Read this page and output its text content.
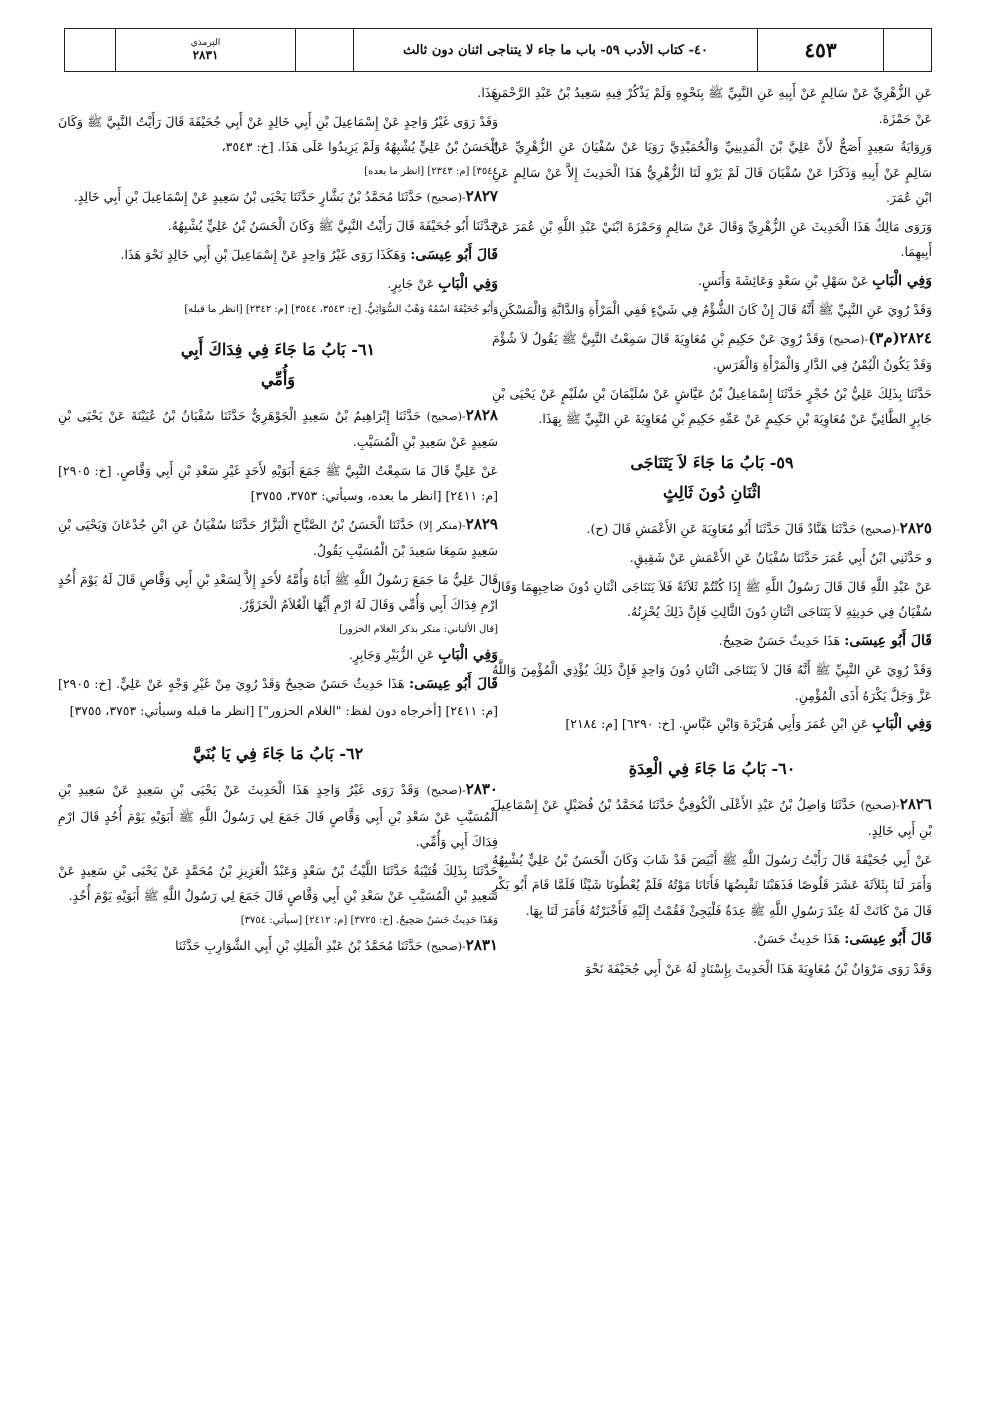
التِرمذي
٢٨٣١	٤٠- كتاب الأدب ٥٩- باب ما جاء لا يتناجى اثنان دون ثالث	٤٥٣

عَنِ الزُّهْرِيِّ عَنْ سَالِمٍ عَنْ أَبِيهِ عَنِ النَّبِيِّ ﷺ بِنَحْوِهِ وَلَمْ يَذْكُرْ فِيهِ سَعِيدُ بْنُ عَبْدِ الرَّحْمَنِ عَنْ حَمْزَةَ.

وَرِوَايَةُ سَعِيدٍ أَصَحُّ لأَنَّ عَلِيَّ بْنَ الْمَدِينِيِّ وَالْحُمَيْدِيَّ رَوَيَا عَنْ سُفْيَانَ عَنِ الزُّهْرِيِّ عَنْ سَالِمٍ عَنْ أَبِيهِ وَذَكَرَا عَنْ سُفْيَانَ قَالَ لَمْ يَرْوِ لَنَا الزُّهْرِيُّ هَذَا الْحَدِيثَ إِلاَّ عَنْ سَالِمٍ عَنِ ابْنِ عُمَرَ.

وَرَوَى مَالِكٌ هَذَا الْحَدِيثَ عَنِ الزُّهْرِيِّ وَقَالَ عَنْ سَالِمٍ وَحَمْزَةَ ابْنَيْ عَبْدِ اللَّهِ بْنِ عُمَرَ عَنْ أَبِيهِمَا.

وَفِي الْبَابِ عَنْ سَهْلِ بْنِ سَعْدٍ وَعَائِشَةَ وَأَنَسٍ.

وَقَدْ رُوِيَ عَنِ النَّبِيِّ ﷺ أَنَّهُ قَالَ إِنْ كَانَ الشُّؤْمُ فِي شَيْءٍ فَفِي الْمَرْأَةِ وَالدَّابَّةِ وَالْمَسْكَنِ.

٢٨٢٤(م٣)-(صحيح) وَقَدْ رُوِيَ عَنْ حَكِيمِ بْنِ مُعَاوِيَةَ قَالَ سَمِعْتُ النَّبِيَّ ﷺ يَقُولُ لاَ شُؤْمَ وَقَدْ يَكُونُ الْيُمْنُ فِي الدَّارِ وَالْمَرْأَةِ وَالْفَرَسِ.

حَدَّثَنَا بِذَلِكَ عَلِيُّ بْنُ حُجْرٍ حَدَّثَنَا إِسْمَاعِيلُ بْنُ عَيَّاشٍ عَنْ سُلَيْمَانَ بْنِ سُلَيْمٍ عَنْ يَحْيَى بْنِ جَابِرٍ الطَّائِيِّ عَنْ مُعَاوِيَةَ بْنِ حَكِيمٍ عَنْ عَمِّهِ حَكِيمِ بْنِ مُعَاوِيَةَ عَنِ النَّبِيِّ ﷺ بِهَذَا.

٥٩- بَابُ مَا جَاءَ لاَ يَتَنَاجَى
اثْنَانِ دُونَ ثَالِثٍ

٢٨٢٥-(صحيح) حَدَّثَنَا هَنَّادٌ قَالَ حَدَّثَنَا أَبُو مُعَاوِيَةَ عَنِ الأَعْمَشِ قَالَ (ح).

و حَدَّثَنِي ابْنُ أَبِي عُمَرَ حَدَّثَنَا سُفْيَانُ عَنِ الأَعْمَشِ عَنْ شَقِيقٍ.

عَنْ عَبْدِ اللَّهِ قَالَ قَالَ رَسُولُ اللَّهِ ﷺ إِذَا كُنْتُمْ ثَلاَثَةً فَلاَ يَتَنَاجَى اثْنَانِ دُونَ صَاحِبِهِمَا وَقَالَ سُفْيَانُ فِي حَدِيثِهِ لاَ يَتَنَاجَى اثْنَانِ دُونَ الثَّالِثِ فَإِنَّ ذَلِكَ يُحْزِنُهُ.

قَالَ أَبُو عِيسَى: هَذَا حَدِيثٌ حَسَنٌ صَحِيحٌ.

وَقَدْ رُوِيَ عَنِ النَّبِيِّ ﷺ أَنَّهُ قَالَ لاَ يَتَنَاجَى اثْنَانِ دُونَ وَاحِدٍ فَإِنَّ ذَلِكَ يُؤْذِي الْمُؤْمِنَ وَاللَّهُ عَزَّ وَجَلَّ يَكْرَهُ أَذَى الْمُؤْمِنِ.

وَفِي الْبَابِ عَنِ ابْنِ عُمَرَ وَأَبِي هُرَيْرَةَ وَابْنِ عَبَّاسٍ. [خ: ٦٢٩٠] [م: ٢١٨٤]

٦٠- بَابُ مَا جَاءَ فِي الْعِدَةِ

٢٨٢٦-(صحيح) حَدَّثَنَا وَاصِلُ بْنُ عَبْدِ الأَعْلَى الْكُوفِيُّ حَدَّثَنَا مُحَمَّدُ بْنُ فُضَيْلٍ عَنْ إِسْمَاعِيلَ بْنِ أَبِي خَالِدٍ.

عَنْ أَبِي جُحَيْفَةَ قَالَ رَأَيْتُ رَسُولَ اللَّهِ ﷺ أَبْيَضَ قَدْ شَابَ وَكَانَ الْحَسَنُ بْنُ عَلِيٍّ يُشْبِهُهُ وَأَمَرَ لَنَا بِثَلاَثَةَ عَشَرَ قَلُوصًا فَذَهَبْنَا نَقْبِضُهَا فَأَتَانَا مَوْتُهُ فَلَمْ يُعْطُونَا شَيْئًا فَلَمَّا قَامَ أَبُو بَكْرٍ قَالَ مَنْ كَانَتْ لَهُ عِنْدَ رَسُولِ اللَّهِ ﷺ عِدَةٌ فَلْيَجِئْ فَقُمْتُ إِلَيْهِ فَأَخْبَرْتُهُ فَأَمَرَ لَنَا بِهَا.

قَالَ أَبُو عِيسَى: هَذَا حَدِيثٌ حَسَنٌ.

وَقَدْ رَوَى مَرْوَانُ بْنُ مُعَاوِيَةَ هَذَا الْحَدِيثَ بِإِسْنَادٍ لَهُ عَنْ أَبِي جُحَيْفَةَ نَحْوَ

هَذَا.

وَقَدْ رَوَى غَيْرُ وَاحِدٍ عَنْ إِسْمَاعِيلَ بْنِ أَبِي خَالِدٍ عَنْ أَبِي جُحَيْفَةَ قَالَ رَأَيْتُ النَّبِيَّ ﷺ وَكَانَ الْحَسَنُ بْنُ عَلِيٍّ يُشْبِهُهُ وَلَمْ يَزِيدُوا عَلَى هَذَا. [خ: ٣٥٤٣،

٣٥٤٤] [م: ٢٣٤٣] [انظر ما بعده]

٢٨٢٧-(صحيح) حَدَّثَنَا مُحَمَّدُ بْنُ بَشَّارٍ حَدَّثَنَا يَحْيَى بْنُ سَعِيدٍ عَنْ إِسْمَاعِيلَ بْنِ أَبِي خَالِدٍ.

حَدَّثَنَا أَبُو جُحَيْفَةَ قَالَ رَأَيْتُ النَّبِيَّ ﷺ وَكَانَ الْحَسَنُ بْنُ عَلِيٍّ يُشْبِهُهُ.

قَالَ أَبُو عِيسَى: وَهَكَذَا رَوَى غَيْرُ وَاحِدٍ عَنْ إِسْمَاعِيلَ بْنِ أَبِي خَالِدٍ نَحْوَ هَذَا.

وَفِي الْبَابِ عَنْ جَابِرٍ.

وَأَبُو جُحَيْفَةَ اسْمُهُ وَهْبٌ السُّوَائِيُّ. [خ: ٣٥٤٣، ٣٥٤٤] [م: ٢٣٤٢] [انظر ما قبله]

٦١- بَابُ مَا جَاءَ فِي فِدَاكَ أَبِي
وَأُمِّي

٢٨٢٨-(صحيح) حَدَّثَنَا إِبْرَاهِيمُ بْنُ سَعِيدٍ الْجَوْهَرِيُّ حَدَّثَنَا سُفْيَانُ بْنُ عُيَيْنَةَ عَنْ يَحْيَى بْنِ سَعِيدٍ عَنْ سَعِيدِ بْنِ الْمُسَيَّبِ.

عَنْ عَلِيٍّ قَالَ مَا سَمِعْتُ النَّبِيَّ ﷺ جَمَعَ أَبَوَيْهِ لأَحَدٍ غَيْرِ سَعْدِ بْنِ أَبِي وَقَّاصٍ. [خ: ٢٩٠٥] [م: ٢٤١١] [انظر ما بعده، وسيأتي: ٣٧٥٣، ٣٧٥٥]

٢٨٢٩-(منكر إلا) حَدَّثَنَا الْحَسَنُ بْنُ الصَّبَّاحِ الْبَزَّارُ حَدَّثَنَا سُفْيَانُ عَنِ ابْنِ جُدْعَانَ وَيَحْيَى بْنِ سَعِيدٍ سَمِعَا سَعِيدَ بْنَ الْمُسَيَّبِ يَقُولُ.

قَالَ عَلِيٌّ مَا جَمَعَ رَسُولُ اللَّهِ ﷺ أَبَاهُ وَأُمَّهُ لأَحَدٍ إِلاَّ لِسَعْدِ بْنِ أَبِي وَقَّاصٍ قَالَ لَهُ يَوْمَ أُحُدٍ ارْمِ فِدَاكَ أَبِي وَأُمِّي وَقَالَ لَهُ ارْمِ أَيُّهَا الْغُلاَمُ الْحَزَوَّرُ.

[قال الألباني: منكر بذكر الغلام الحزور]

وَفِي الْبَابِ عَنِ الزُّبَيْرِ وَجَابِرٍ.

قَالَ أَبُو عِيسَى: هَذَا حَدِيثٌ حَسَنٌ صَحِيحٌ وَقَدْ رُوِيَ مِنْ غَيْرِ وَجْهٍ عَنْ عَلِيٍّ. [خ: ٢٩٠٥] [م: ٢٤١١] [أخرجاه دون لفظ: "الغلام الحزور"] [انظر ما قبله وسيأتي: ٣٧٥٣، ٣٧٥٥]

٦٢- بَابُ مَا جَاءَ فِي يَا بُنَيَّ

٢٨٣٠-(صحيح) وَقَدْ رَوَى غَيْرُ وَاحِدٍ هَذَا الْحَدِيثَ عَنْ يَحْيَى بْنِ سَعِيدٍ عَنْ سَعِيدِ بْنِ الْمُسَيَّبِ عَنْ سَعْدِ بْنِ أَبِي وَقَّاصٍ قَالَ جَمَعَ لِي رَسُولُ اللَّهِ ﷺ أَبَوَيْهِ يَوْمَ أُحُدٍ قَالَ ارْمِ فِدَاكَ أَبِي وَأُمِّي.

حَدَّثَنَا بِذَلِكَ قُتَيْبَةُ حَدَّثَنَا اللَّيْثُ بْنُ سَعْدٍ وَعَبْدُ الْعَزِيزِ بْنُ مُحَمَّدٍ عَنْ يَحْيَى بْنِ سَعِيدٍ عَنْ سَعِيدِ بْنِ الْمُسَيَّبِ عَنْ سَعْدِ بْنِ أَبِي وَقَّاصٍ قَالَ جَمَعَ لِي رَسُولُ اللَّهِ ﷺ أَبَوَيْهِ يَوْمَ أُحُدٍ.

وَهَذَا حَدِيثٌ حَسَنٌ صَحِيحٌ. [خ: ٣٧٢٥] [م: ٢٤١٢] [سيأتي: ٣٧٥٤]

٢٨٣١-(صحيح) حَدَّثَنَا مُحَمَّدُ بْنُ عَبْدِ الْمَلِكِ بْنِ أَبِي الشَّوَارِبِ حَدَّثَنَا
